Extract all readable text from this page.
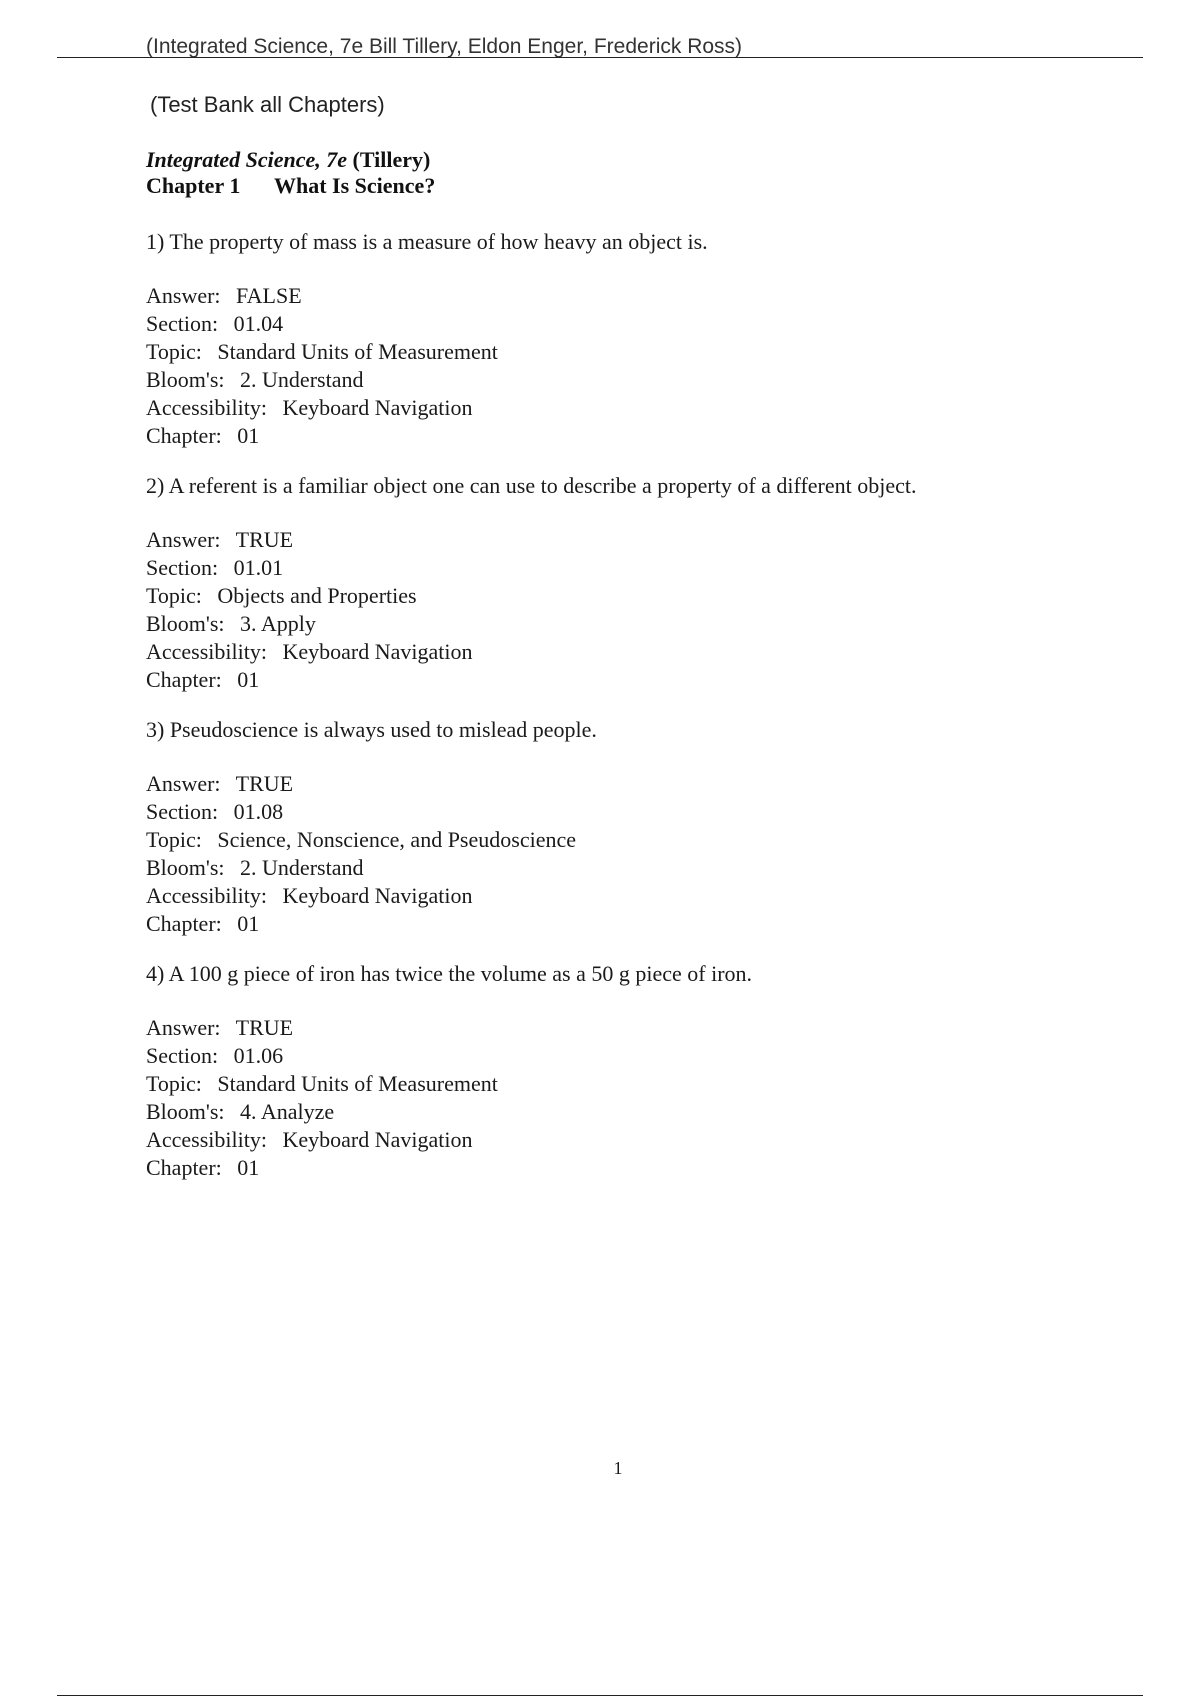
(Integrated Science, 7e Bill Tillery, Eldon Enger, Frederick Ross)
(Test Bank all Chapters)
Integrated Science, 7e (Tillery)
Chapter 1 What Is Science?
1) The property of mass is a measure of how heavy an object is.
Answer: FALSE
Section: 01.04
Topic: Standard Units of Measurement
Bloom's: 2. Understand
Accessibility: Keyboard Navigation
Chapter: 01
2) A referent is a familiar object one can use to describe a property of a different object.
Answer: TRUE
Section: 01.01
Topic: Objects and Properties
Bloom's: 3. Apply
Accessibility: Keyboard Navigation
Chapter: 01
3) Pseudoscience is always used to mislead people.
Answer: TRUE
Section: 01.08
Topic: Science, Nonscience, and Pseudoscience
Bloom's: 2. Understand
Accessibility: Keyboard Navigation
Chapter: 01
4) A 100 g piece of iron has twice the volume as a 50 g piece of iron.
Answer: TRUE
Section: 01.06
Topic: Standard Units of Measurement
Bloom's: 4. Analyze
Accessibility: Keyboard Navigation
Chapter: 01
1
